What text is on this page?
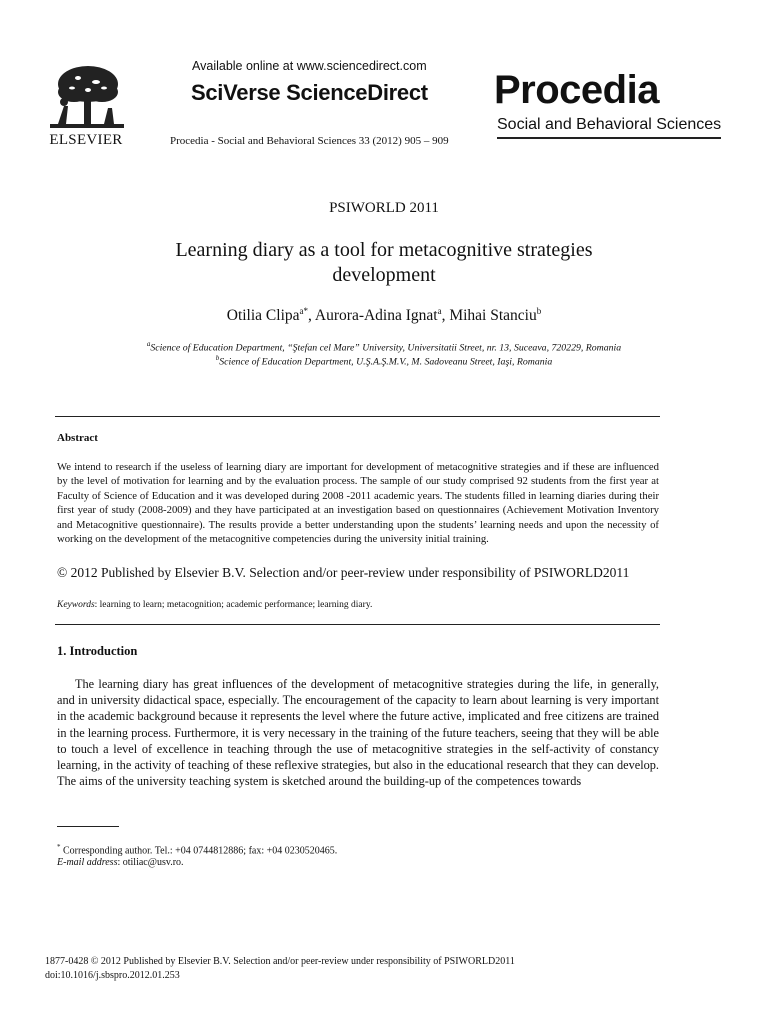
ELSEVIER
Available online at www.sciencedirect.com
SciVerse ScienceDirect
Procedia - Social and Behavioral Sciences 33 (2012) 905 – 909
Procedia
Social and Behavioral Sciences
PSIWORLD 2011
Learning diary as a tool for metacognitive strategies
development
Otilia Clipa$^{a*}$, Aurora-Adina Ignat$^a$, Mihai Stanciu$^b$
$^a$Science of Education Department, “Ştefan cel Mare” University, Universitatii Street, nr. 13, Suceava, 720229, Romania
$^b$Science of Education Department, U.Ş.A.Ş.M.V., M. Sadoveanu Street, Iaşi, Romania
Abstract
We intend to research if the useless of learning diary are important for development of metacognitive strategies and if these are influenced by the level of motivation for learning and by the evaluation process. The sample of our study comprised 92 students from the first year at Faculty of Science of Education and it was developed during 2008 -2011 academic years. The students filled in learning diaries during their first year of study (2008-2009) and they have participated at an investigation based on questionnaires (Achievement Motivation Inventory and Metacognitive questionnaire). The results provide a better understanding upon the students’ learning needs and upon the necessity of working on the development of the metacognitive competencies during the university initial training.
© 2012 Published by Elsevier B.V. Selection and/or peer-review under responsibility of PSIWORLD2011
Keywords: learning to learn; metacognition; academic performance; learning diary.
1. Introduction
The learning diary has great influences of the development of metacognitive strategies during the life, in generally, and in university didactical space, especially. The encouragement of the capacity to learn about learning is very important in the academic background because it represents the level where the future active, implicated and free citizens are trained in the learning process. Furthermore, it is very necessary in the training of the future teachers, seeing that they will be able to touch a level of excellence in teaching through the use of metacognitive strategies in the self-activity of constancy learning, in the activity of teaching of these reflexive strategies, but also in the educational research that they can develop. The aims of the university teaching system is sketched around the building-up of the competences towards
* Corresponding author. Tel.: +04 0744812886; fax: +04 0230520465.
E-mail address: otiliac@usv.ro.
1877-0428 © 2012 Published by Elsevier B.V. Selection and/or peer-review under responsibility of PSIWORLD2011
doi:10.1016/j.sbspro.2012.01.253
